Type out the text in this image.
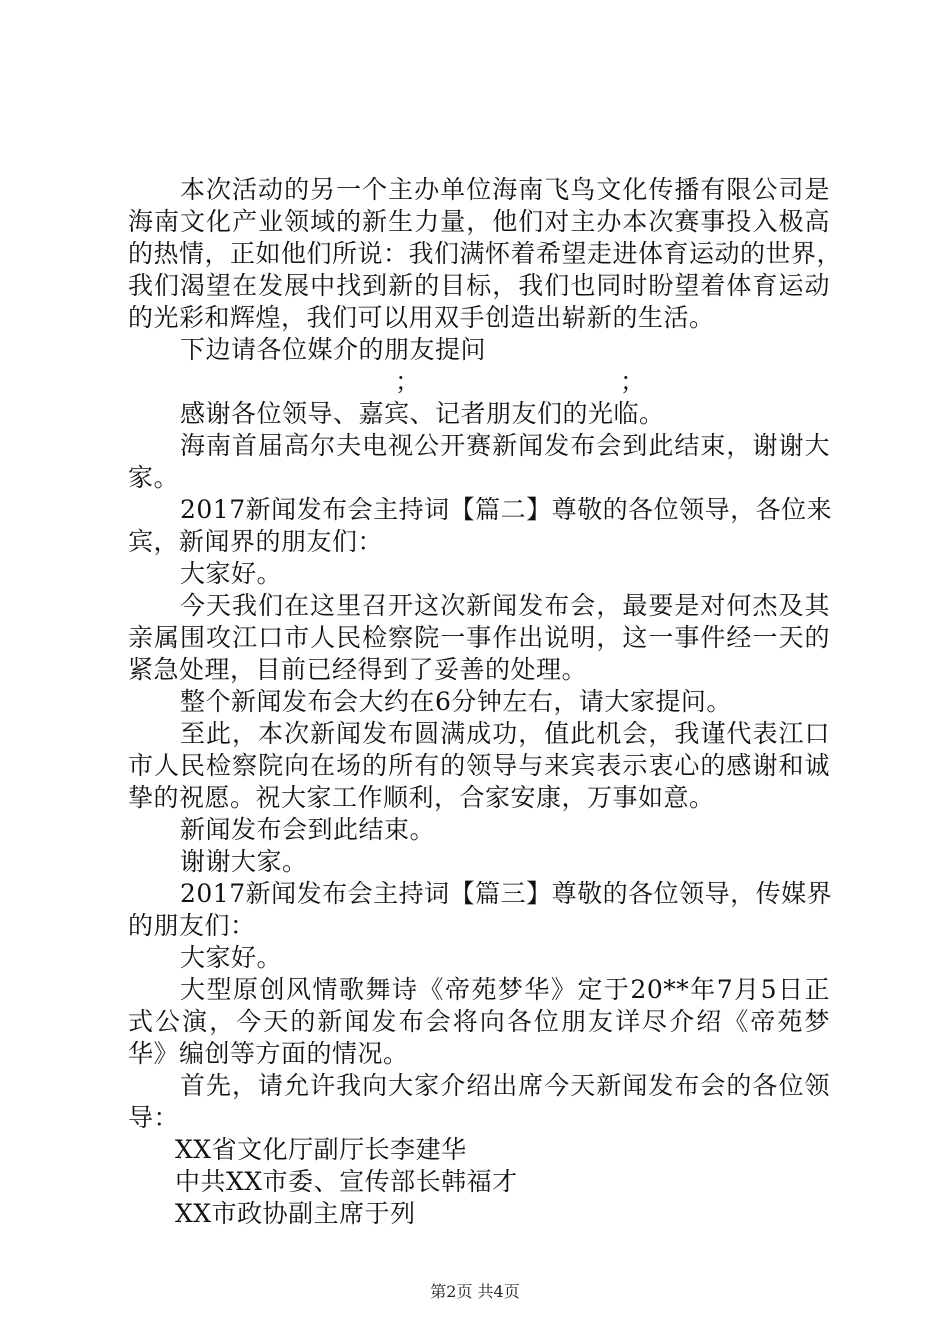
本次活动的另一个主办单位海南飞鸟文化传播有限公司是
海南文化产业领域的新生力量，他们对主办本次赛事投入极高
的热情，正如他们所说：我们满怀着希望走进体育运动的世界，
我们渴望在发展中找到新的目标，我们也同时盼望着体育运动
的光彩和辉煌，我们可以用双手创造出崭新的生活。
下边请各位媒介的朋友提问
；	；
感谢各位领导、嘉宾、记者朋友们的光临。
海南首届高尔夫电视公开赛新闻发布会到此结束，谢谢大
家。
2017新闻发布会主持词【篇二】尊敬的各位领导，各位来
宾，新闻界的朋友们：
大家好。
今天我们在这里召开这次新闻发布会，最要是对何杰及其
亲属围攻江口市人民检察院一事作出说明，这一事件经一天的
紧急处理，目前已经得到了妥善的处理。
整个新闻发布会大约在6分钟左右，请大家提问。
至此，本次新闻发布圆满成功，值此机会，我谨代表江口
市人民检察院向在场的所有的领导与来宾表示衷心的感谢和诚
挚的祝愿。祝大家工作顺利，合家安康，万事如意。
新闻发布会到此结束。
谢谢大家。
2017新闻发布会主持词【篇三】尊敬的各位领导，传媒界
的朋友们：
大家好。
大型原创风情歌舞诗《帝苑梦华》定于20**年7月5日正
式公演，今天的新闻发布会将向各位朋友详尽介绍《帝苑梦
华》编创等方面的情况。
首先，请允许我向大家介绍出席今天新闻发布会的各位领
导：
XX省文化厅副厅长李建华
中共XX市委、宣传部长韩福才
XX市政协副主席于列
第2页 共4页
